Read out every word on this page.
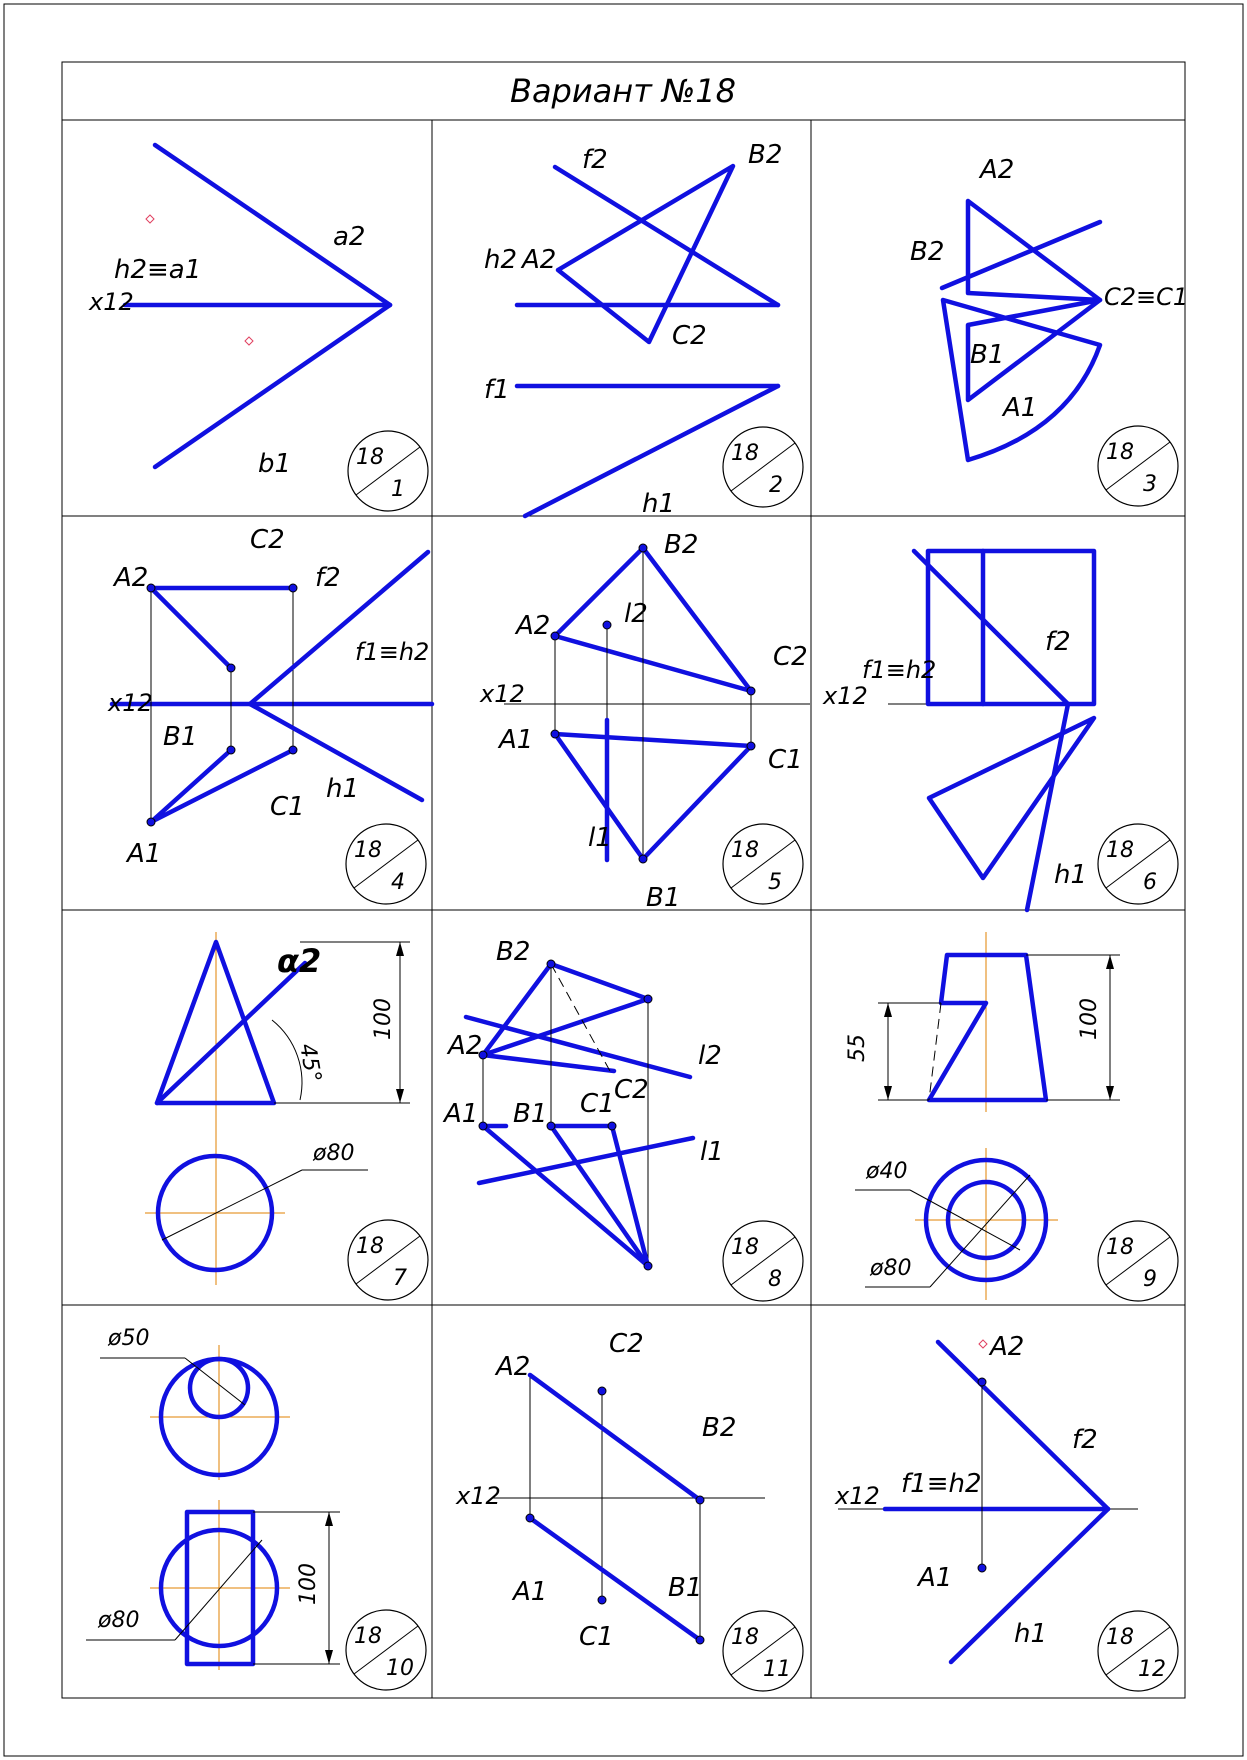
Вариант №18
a2
h2≡a1
x12
b1
f2	B2
h2 A2
C2
f1
h1
A2
B2
C2≡C1
B1
A1
C2
A2	f2
f1≡h2
x12
B1
h1
C1
A1
B2
A2	l2
C2
x12
A1
C1
l1
B1
f1≡h2
x12
f2
h1
α2
45°
100
ø80
B2
A2	l2
C1 C2
A1 B1
l1
55
100
ø40
ø80
ø50
ø80
100
A2
C2
B2
x12
A1	B1
C1
A2
f2
x12 f1≡h2
A1
h1
18
1
18
2
18
3
18
4
18
5
18
6
18
7
18
8
18
9
18
10
18
11
18
12
